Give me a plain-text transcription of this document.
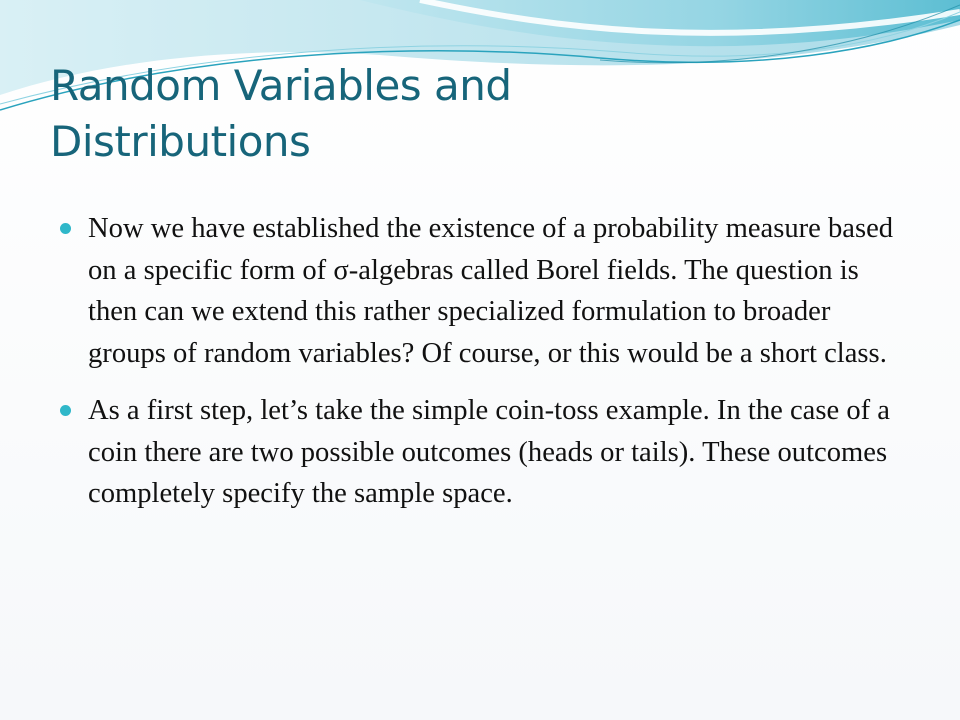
Random Variables and
Distributions
Now we have established the existence of a probability measure based on a specific form of σ-algebras called Borel fields. The question is then can we extend this rather specialized formulation to broader groups of random variables? Of course, or this would be a short class.
As a first step, let’s take the simple coin-toss example. In the case of a coin there are two possible outcomes (heads or tails). These outcomes completely specify the sample space.
